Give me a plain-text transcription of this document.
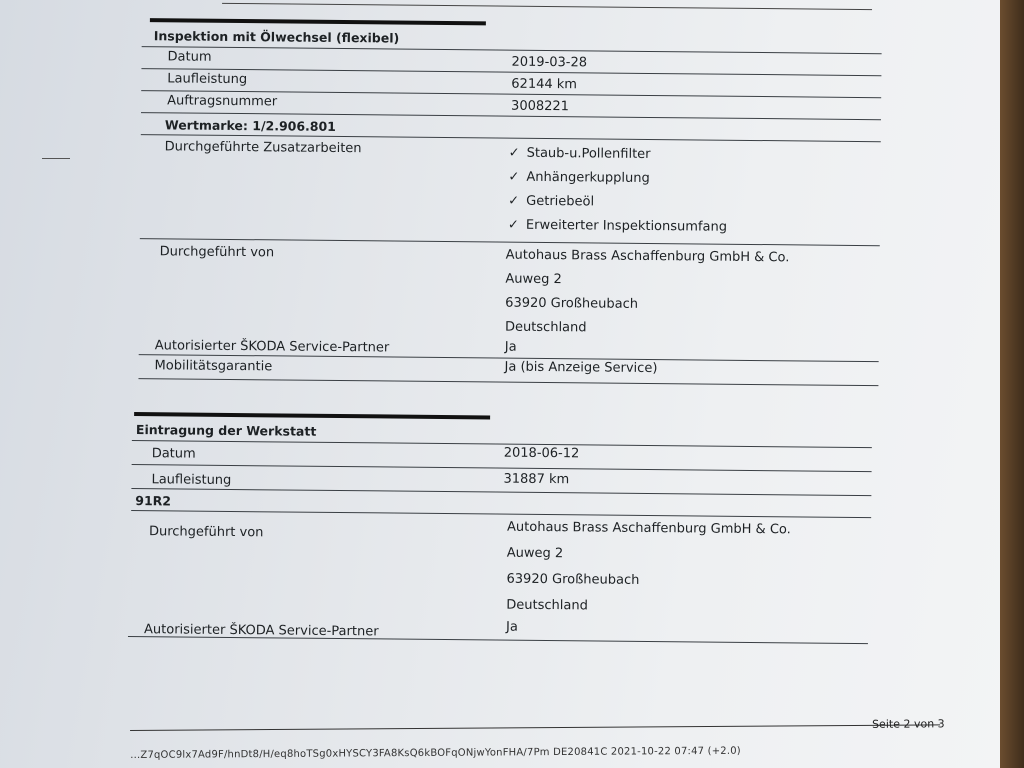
Inspektion mit Ölwechsel (flexibel)
Datum	2019-03-28
Laufleistung	62144 km
Auftragsnummer	3008221
Wertmarke: 1/2.906.801
Durchgeführte Zusatzarbeiten	✓ Staub-u.Pollenfilter
✓ Anhängerkupplung
✓ Getriebeöl
✓ Erweiterter Inspektionsumfang
Durchgeführt von	Autohaus Brass Aschaffenburg GmbH & Co.
Auweg 2
63920 Großheubach
Deutschland
Autorisierter ŠKODA Service-Partner	Ja
Mobilitätsgarantie	Ja (bis Anzeige Service)
Eintragung der Werkstatt
Datum	2018-06-12
Laufleistung	31887 km
91R2
Durchgeführt von	Autohaus Brass Aschaffenburg GmbH & Co.
Auweg 2
63920 Großheubach
Deutschland
Autorisierter ŠKODA Service-Partner	Ja
Seite 2 von 3
...Z7qOC9lx7Ad9F/hnDt8/H/eq8hoTSg0xHYSCY3FA8KsQ6kBOFqONjwYonFHA/7Pm DE20841C 2021-10-22 07:47 (+2.0)
